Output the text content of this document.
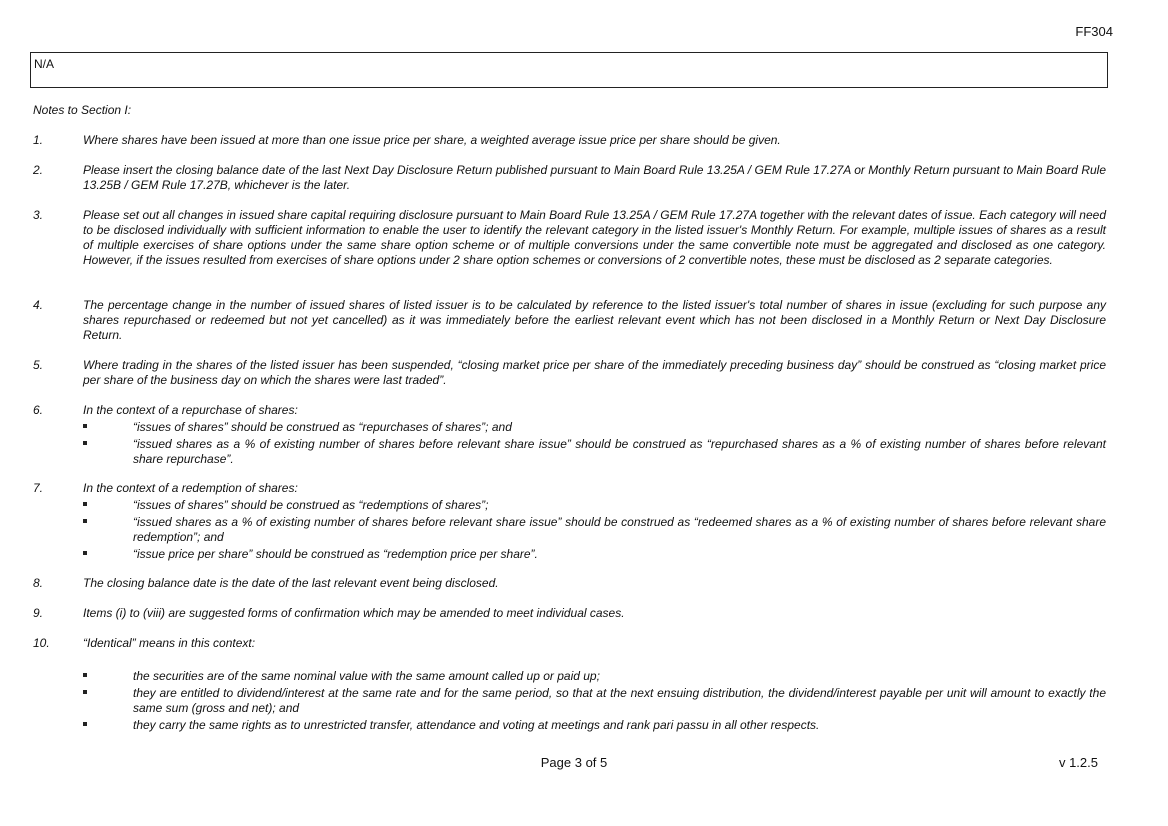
FF304
N/A
Notes to Section I:
1.	Where shares have been issued at more than one issue price per share, a weighted average issue price per share should be given.
2.	Please insert the closing balance date of the last Next Day Disclosure Return published pursuant to Main Board Rule 13.25A / GEM Rule 17.27A or Monthly Return pursuant to Main Board Rule 13.25B / GEM Rule 17.27B, whichever is the later.
3.	Please set out all changes in issued share capital requiring disclosure pursuant to Main Board Rule 13.25A / GEM Rule 17.27A together with the relevant dates of issue. Each category will need to be disclosed individually with sufficient information to enable the user to identify the relevant category in the listed issuer's Monthly Return. For example, multiple issues of shares as a result of multiple exercises of share options under the same share option scheme or of multiple conversions under the same convertible note must be aggregated and disclosed as one category. However, if the issues resulted from exercises of share options under 2 share option schemes or conversions of 2 convertible notes, these must be disclosed as 2 separate categories.
4.	The percentage change in the number of issued shares of listed issuer is to be calculated by reference to the listed issuer's total number of shares in issue (excluding for such purpose any shares repurchased or redeemed but not yet cancelled) as it was immediately before the earliest relevant event which has not been disclosed in a Monthly Return or Next Day Disclosure Return.
5.	Where trading in the shares of the listed issuer has been suspended, “closing market price per share of the immediately preceding business day” should be construed as “closing market price per share of the business day on which the shares were last traded”.
6.	In the context of a repurchase of shares:
“issues of shares” should be construed as “repurchases of shares”; and
“issued shares as a % of existing number of shares before relevant share issue” should be construed as “repurchased shares as a % of existing number of shares before relevant share repurchase”.
7.	In the context of a redemption of shares:
“issues of shares” should be construed as “redemptions of shares”;
“issued shares as a % of existing number of shares before relevant share issue” should be construed as “redeemed shares as a % of existing number of shares before relevant share redemption”; and
“issue price per share” should be construed as “redemption price per share”.
8.	The closing balance date is the date of the last relevant event being disclosed.
9.	Items (i) to (viii) are suggested forms of confirmation which may be amended to meet individual cases.
10.	“Identical” means in this context:
the securities are of the same nominal value with the same amount called up or paid up;
they are entitled to dividend/interest at the same rate and for the same period, so that at the next ensuing distribution, the dividend/interest payable per unit will amount to exactly the same sum (gross and net); and
they carry the same rights as to unrestricted transfer, attendance and voting at meetings and rank pari passu in all other respects.
Page 3 of 5	v 1.2.5
